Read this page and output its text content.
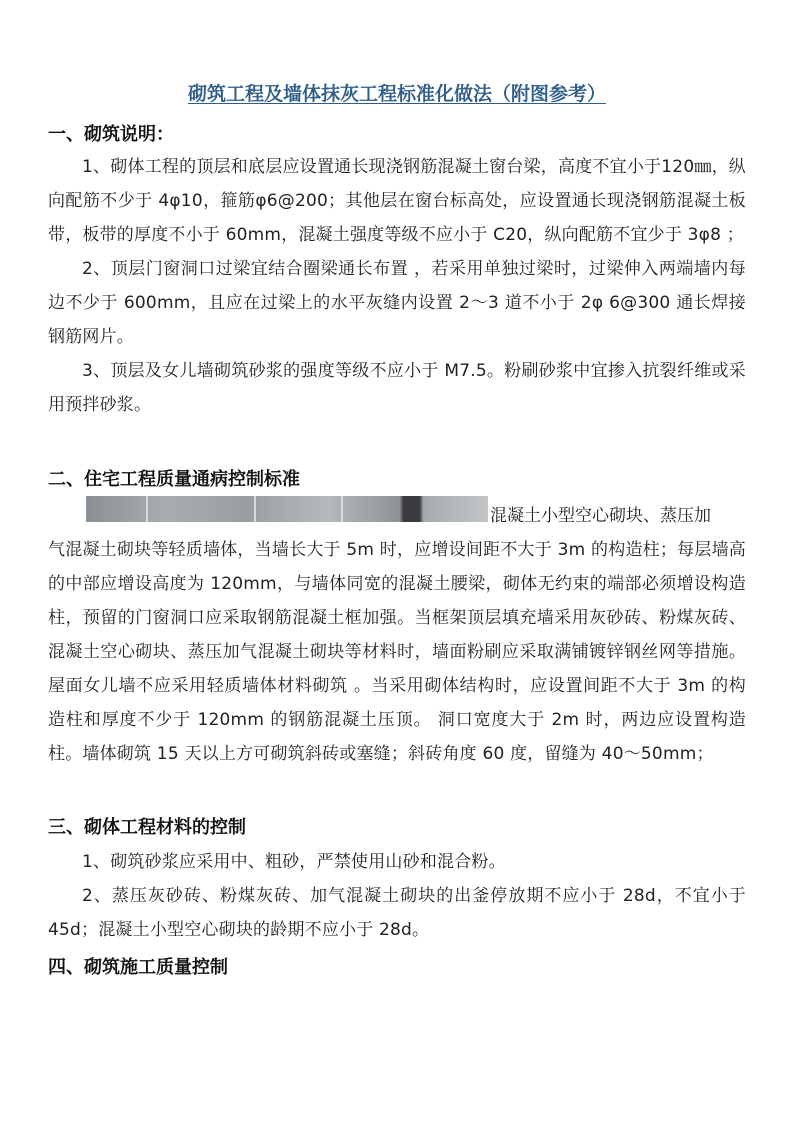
砌筑工程及墙体抹灰工程标准化做法（附图参考）
一、砌筑说明：

1、砌体工程的顶层和底层应设置通长现浇钢筋混凝土窗台梁，高度不宜小于120㎜，纵向配筋不少于 4φ10，箍筋φ6@200；其他层在窗台标高处，应设置通长现浇钢筋混凝土板带，板带的厚度不小于 60mm，混凝土强度等级不应小于 C20，纵向配筋不宜少于 3φ8 ；

2、顶层门窗洞口过梁宜结合圈梁通长布置 ，若采用单独过梁时，过梁伸入两端墙内每边不少于 600mm，且应在过梁上的水平灰缝内设置 2～3 道不小于 2φ 6@300 通长焊接钢筋网片。

3、顶层及女儿墙砌筑砂浆的强度等级不应小于 M7.5。粉刷砂浆中宜掺入抗裂纤维或采用预拌砂浆。

二、住宅工程质量通病控制标准
混凝土小型空心砌块、蒸压加

气混凝土砌块等轻质墙体，当墙长大于 5m 时，应增设间距不大于 3m 的构造柱；每层墙高的中部应增设高度为 120mm，与墙体同宽的混凝土腰梁，砌体无约束的端部必须增设构造柱，预留的门窗洞口应采取钢筋混凝土框加强。当框架顶层填充墙采用灰砂砖、粉煤灰砖、混凝土空心砌块、蒸压加气混凝土砌块等材料时，墙面粉刷应采取满铺镀锌钢丝网等措施。 屋面女儿墙不应采用轻质墙体材料砌筑 。当采用砌体结构时，应设置间距不大于 3m 的构造柱和厚度不少于 120mm 的钢筋混凝土压顶。 洞口宽度大于 2m 时，两边应设置构造柱。墙体砌筑 15 天以上方可砌筑斜砖或塞缝；斜砖角度 60 度，留缝为 40～50mm；

三、砌体工程材料的控制

1、砌筑砂浆应采用中、粗砂，严禁使用山砂和混合粉。

2、蒸压灰砂砖、粉煤灰砖、加气混凝土砌块的出釜停放期不应小于 28d，不宜小于 45d；混凝土小型空心砌块的龄期不应小于 28d。

四、砌筑施工质量控制
